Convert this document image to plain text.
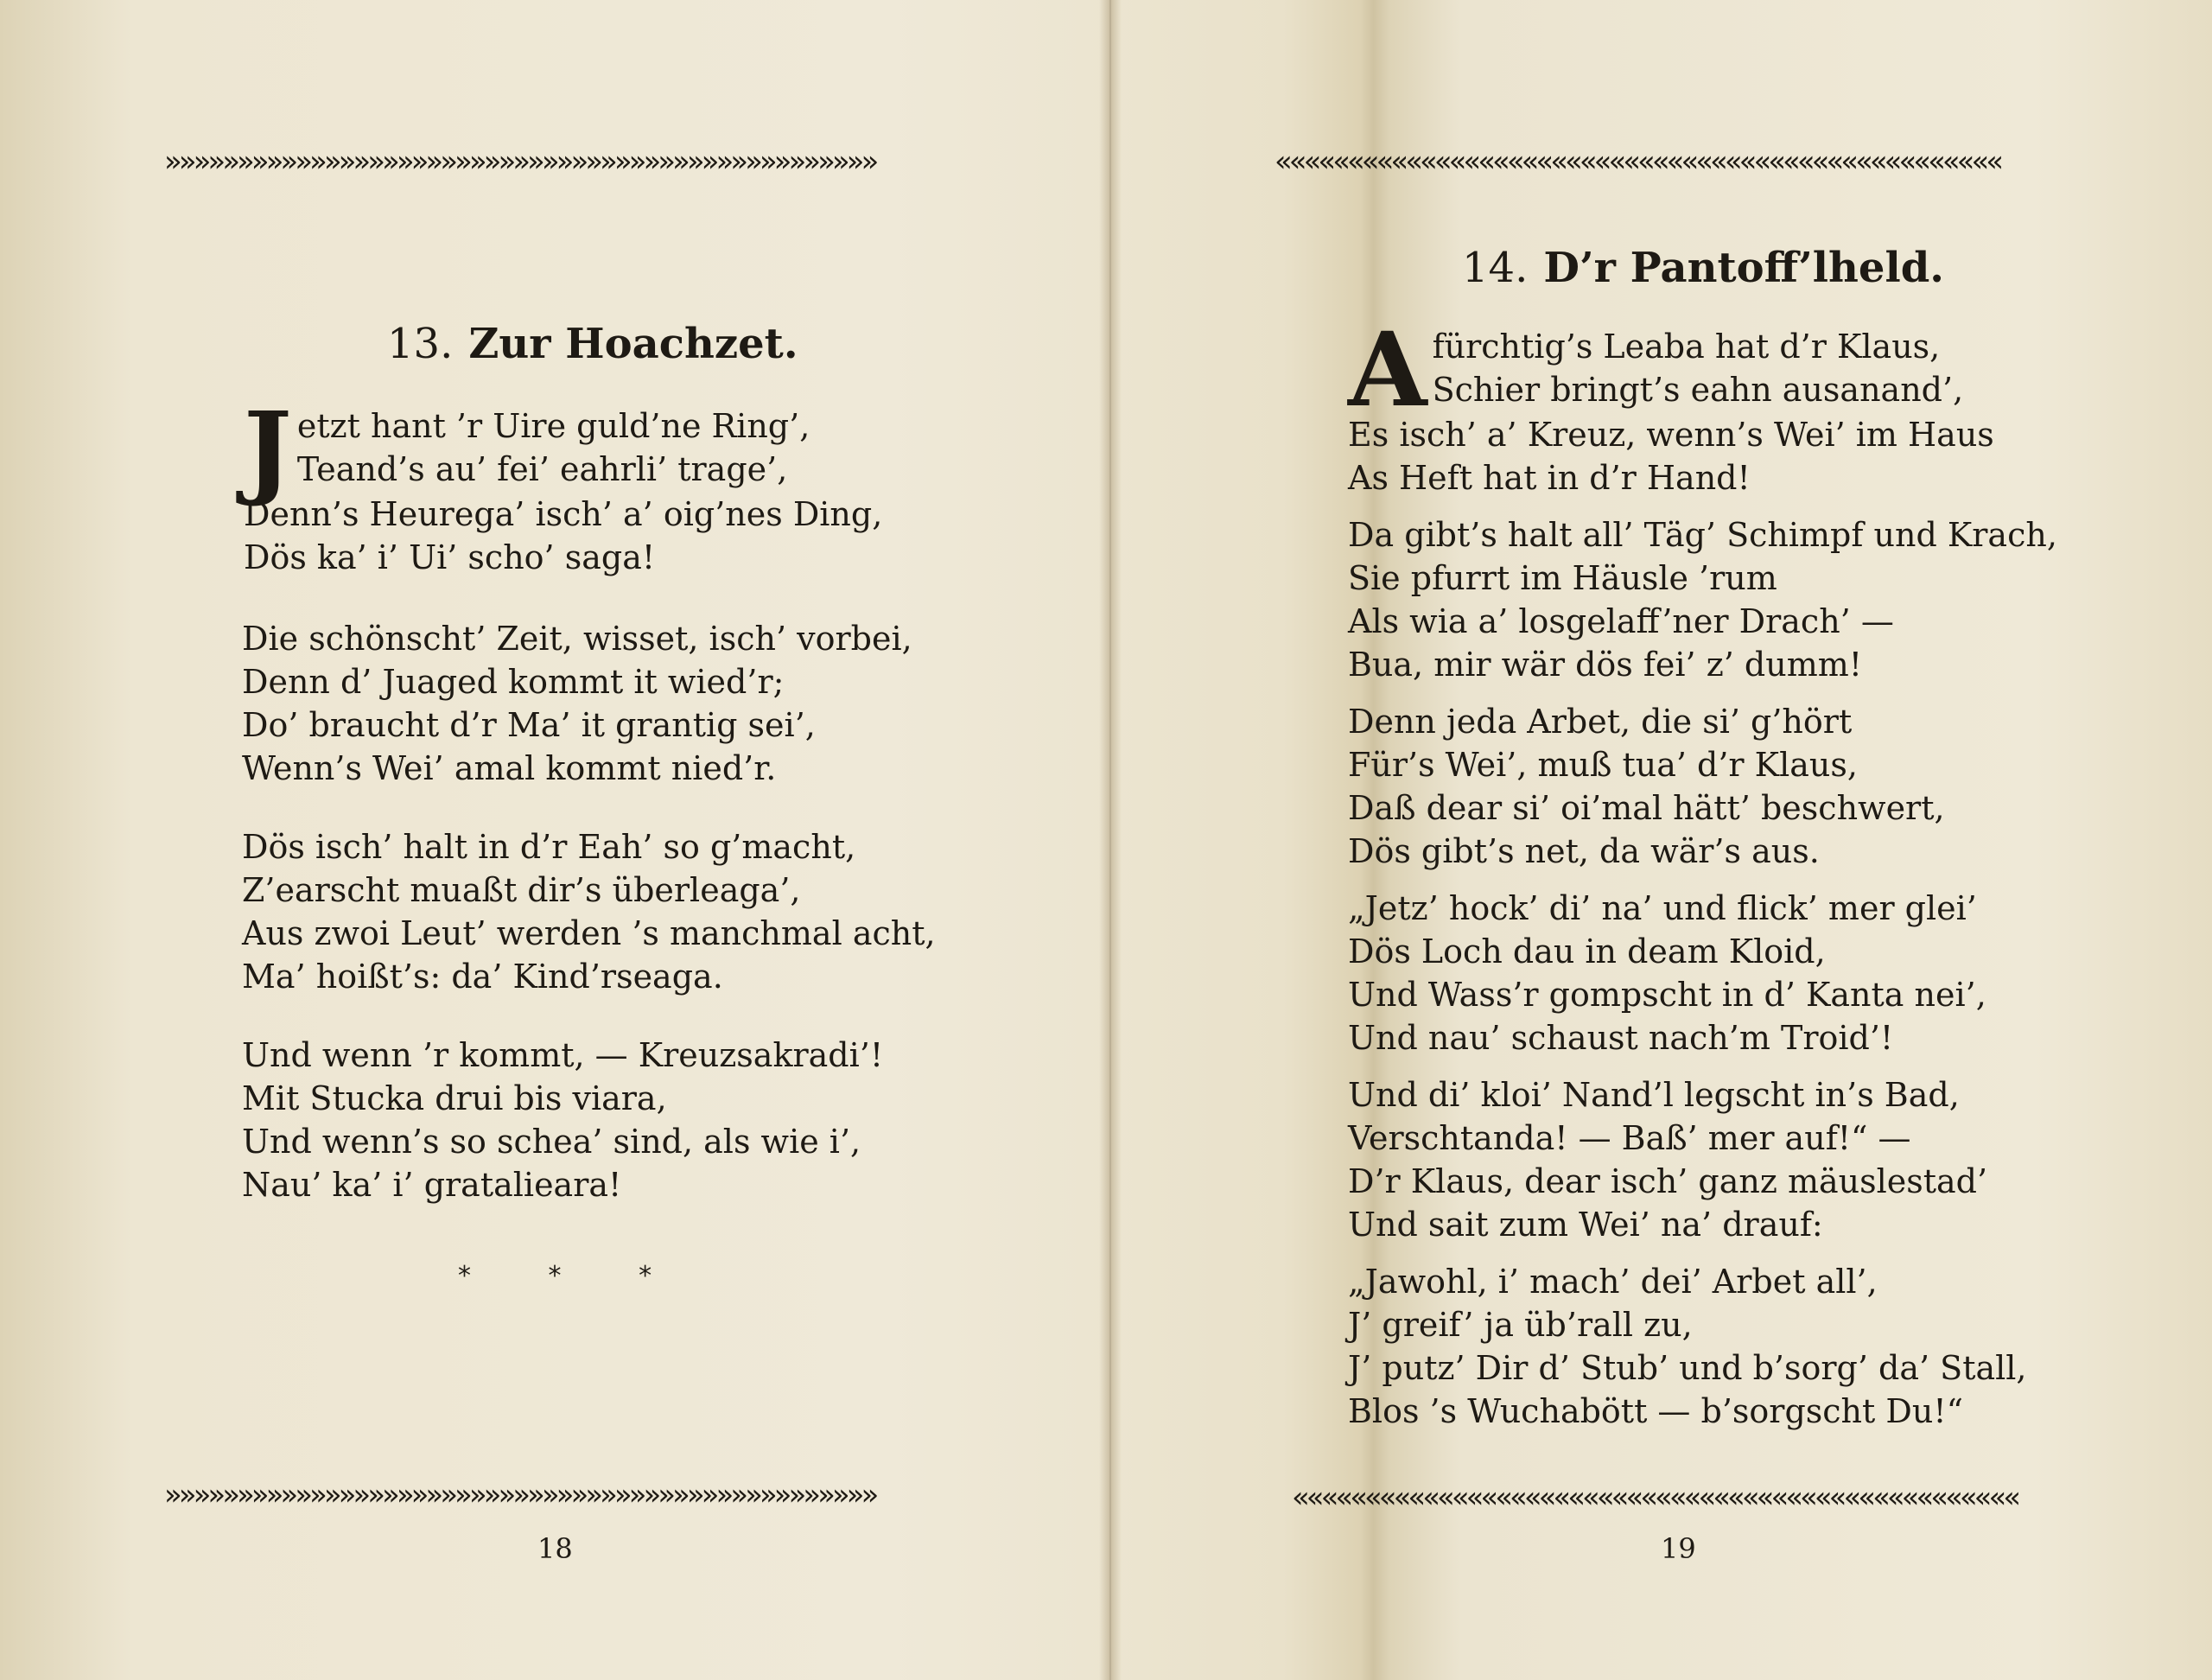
»»»»»»»»»»»»»»»»»»»»»»»»»»»»»»»»»»»»»»»»»»»»»»»»»
13. Zur Hoachzet.
J etzt hant ’r Uire guld’ne Ring’,
Teand’s au’ fei’ eahrli’ trage’,
Denn’s Heurega’ isch’ a’ oig’nes Ding,
Dös ka’ i’ Ui’ scho’ saga!
Die schönscht’ Zeit, wisset, isch’ vorbei,
Denn d’ Juaged kommt it wied’r;
Do’ braucht d’r Ma’ it grantig sei’,
Wenn’s Wei’ amal kommt nied’r.
Dös isch’ halt in d’r Eah’ so g’macht,
Z’earscht muaßt dir’s überleaga’,
Aus zwoi Leut’ werden ’s manchmal acht,
Ma’ hoißt’s: da’ Kind’rseaga.
Und wenn ’r kommt, — Kreuzsakradi’!
Mit Stucka drui bis viara,
Und wenn’s so schea’ sind, als wie i’,
Nau’ ka’ i’ gratalieara!
* * *
»»»»»»»»»»»»»»»»»»»»»»»»»»»»»»»»»»»»»»»»»»»»»»»»»
18
««««««««««««««««««««««««««««««««««««««««««««««««««
14. D’r Pantoff’lheld.
A fürchtig’s Leaba hat d’r Klaus,
Schier bringt’s eahn ausanand’,
Es isch’ a’ Kreuz, wenn’s Wei’ im Haus
As Heft hat in d’r Hand!
Da gibt’s halt all’ Täg’ Schimpf und Krach,
Sie pfurrt im Häusle ’rum
Als wia a’ losgelaff’ner Drach’ —
Bua, mir wär dös fei’ z’ dumm!
Denn jeda Arbet, die si’ g’hört
Für’s Wei’, muß tua’ d’r Klaus,
Daß dear si’ oi’mal hätt’ beschwert,
Dös gibt’s net, da wär’s aus.
„Jetz’ hock’ di’ na’ und flick’ mer glei’
Dös Loch dau in deam Kloid,
Und Wass’r gompscht in d’ Kanta nei’,
Und nau’ schaust nach’m Troid’!
Und di’ kloi’ Nand’l legscht in’s Bad,
Verschtanda! — Baß’ mer auf!“ —
D’r Klaus, dear isch’ ganz mäuslestad’
Und sait zum Wei’ na’ drauf:
„Jawohl, i’ mach’ dei’ Arbet all’,
J’ greif’ ja üb’rall zu,
J’ putz’ Dir d’ Stub’ und b’sorg’ da’ Stall,
Blos ’s Wuchabött — b’sorgscht Du!“
««««««««««««««««««««««««««««««««««««««««««««««««««
19
